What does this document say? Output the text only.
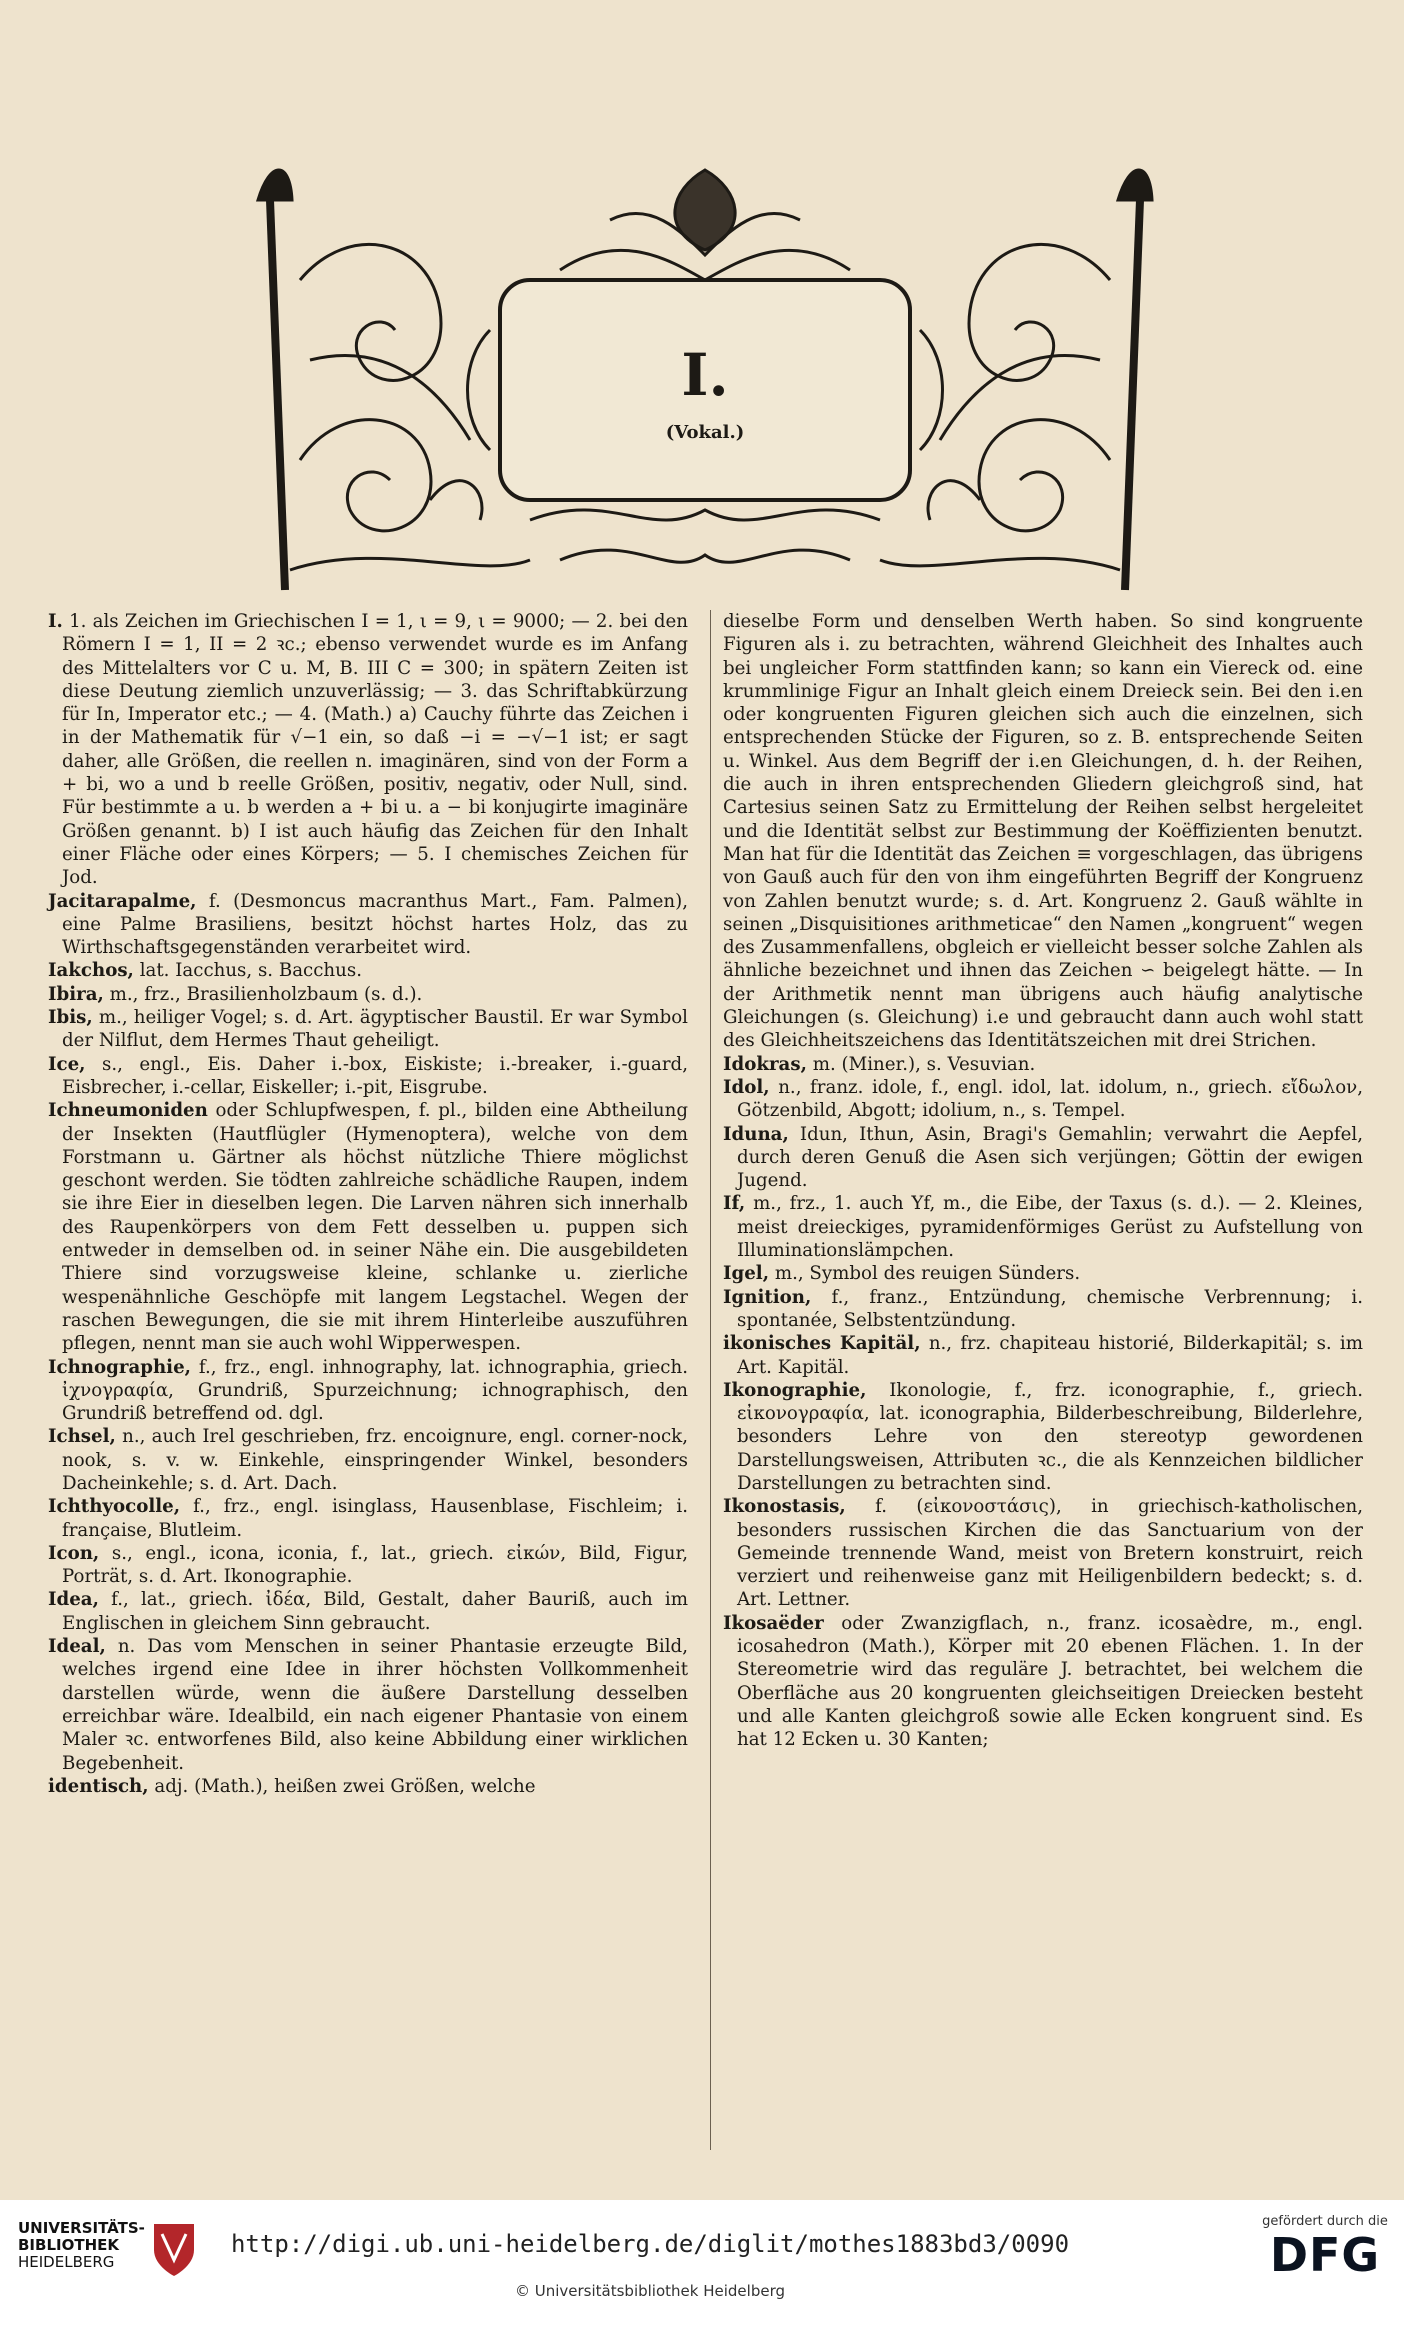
I.
(Vokal.)

I. 1. als Zeichen im Griechischen I = 1, ι = 9, ι = 9000; — 2. bei den Römern I = 1, II = 2 ꝛc.; ebenso verwendet wurde es im Anfang des Mittelalters vor C u. M, B. III C = 300; in spätern Zeiten ist diese Deutung ziemlich unzuverlässig; — 3. das Schriftabkürzung für In, Imperator etc.; — 4. (Math.) a) Cauchy führte das Zeichen i in der Mathematik für √−1 ein, so daß −i = −√−1 ist; er sagt daher, alle Größen, die reellen n. imaginären, sind von der Form a + bi, wo a und b reelle Größen, positiv, negativ, oder Null, sind. Für bestimmte a u. b werden a + bi u. a − bi konjugirte imaginäre Größen genannt. b) I ist auch häufig das Zeichen für den Inhalt einer Fläche oder eines Körpers; — 5. I chemisches Zeichen für Jod.

Jacitarapalme, f. (Desmoncus macranthus Mart., Fam. Palmen), eine Palme Brasiliens, besitzt höchst hartes Holz, das zu Wirthschaftsgegenständen verarbeitet wird.

Iakchos, lat. Iacchus, s. Bacchus.

Ibira, m., frz., Brasilienholzbaum (s. d.).

Ibis, m., heiliger Vogel; s. d. Art. ägyptischer Baustil. Er war Symbol der Nilflut, dem Hermes Thaut geheiligt.

Ice, s., engl., Eis. Daher i.-box, Eiskiste; i.-breaker, i.-guard, Eisbrecher, i.-cellar, Eiskeller; i.-pit, Eisgrube.

Ichneumoniden oder Schlupfwespen, f. pl., bilden eine Abtheilung der Insekten (Hautflügler (Hymenoptera), welche von dem Forstmann u. Gärtner als höchst nützliche Thiere möglichst geschont werden. Sie tödten zahlreiche schädliche Raupen, indem sie ihre Eier in dieselben legen. Die Larven nähren sich innerhalb des Raupenkörpers von dem Fett desselben u. puppen sich entweder in demselben od. in seiner Nähe ein. Die ausgebildeten Thiere sind vorzugsweise kleine, schlanke u. zierliche wespenähnliche Geschöpfe mit langem Legstachel. Wegen der raschen Bewegungen, die sie mit ihrem Hinterleibe auszuführen pflegen, nennt man sie auch wohl Wipperwespen.

Ichnographie, f., frz., engl. inhnography, lat. ichnographia, griech. ἰχνογραφία, Grundriß, Spurzeichnung; ichnographisch, den Grundriß betreffend od. dgl.

Ichsel, n., auch Irel geschrieben, frz. encoignure, engl. corner-nock, nook, s. v. w. Einkehle, einspringender Winkel, besonders Dacheinkehle; s. d. Art. Dach.

Ichthyocolle, f., frz., engl. isinglass, Hausenblase, Fischleim; i. française, Blutleim.

Icon, s., engl., icona, iconia, f., lat., griech. εἰκών, Bild, Figur, Porträt, s. d. Art. Ikonographie.

Idea, f., lat., griech. ἰδέα, Bild, Gestalt, daher Bauriß, auch im Englischen in gleichem Sinn gebraucht.

Ideal, n. Das vom Menschen in seiner Phantasie erzeugte Bild, welches irgend eine Idee in ihrer höchsten Vollkommenheit darstellen würde, wenn die äußere Darstellung desselben erreichbar wäre. Idealbild, ein nach eigener Phantasie von einem Maler ꝛc. entworfenes Bild, also keine Abbildung einer wirklichen Begebenheit.

identisch, adj. (Math.), heißen zwei Größen, welche

dieselbe Form und denselben Werth haben. So sind kongruente Figuren als i. zu betrachten, während Gleichheit des Inhaltes auch bei ungleicher Form stattfinden kann; so kann ein Viereck od. eine krummlinige Figur an Inhalt gleich einem Dreieck sein. Bei den i.en oder kongruenten Figuren gleichen sich auch die einzelnen, sich entsprechenden Stücke der Figuren, so z. B. entsprechende Seiten u. Winkel. Aus dem Begriff der i.en Gleichungen, d. h. der Reihen, die auch in ihren entsprechenden Gliedern gleichgroß sind, hat Cartesius seinen Satz zu Ermittelung der Reihen selbst hergeleitet und die Identität selbst zur Bestimmung der Koëffizienten benutzt. Man hat für die Identität das Zeichen ≡ vorgeschlagen, das übrigens von Gauß auch für den von ihm eingeführten Begriff der Kongruenz von Zahlen benutzt wurde; s. d. Art. Kongruenz 2. Gauß wählte in seinen „Disquisitiones arithmeticae“ den Namen „kongruent“ wegen des Zusammenfallens, obgleich er vielleicht besser solche Zahlen als ähnliche bezeichnet und ihnen das Zeichen ∽ beigelegt hätte. — In der Arithmetik nennt man übrigens auch häufig analytische Gleichungen (s. Gleichung) i.e und gebraucht dann auch wohl statt des Gleichheitszeichens das Identitätszeichen mit drei Strichen.

Idokras, m. (Miner.), s. Vesuvian.

Idol, n., franz. idole, f., engl. idol, lat. idolum, n., griech. εἴδωλον, Götzenbild, Abgott; idolium, n., s. Tempel.

Iduna, Idun, Ithun, Asin, Bragi's Gemahlin; verwahrt die Aepfel, durch deren Genuß die Asen sich verjüngen; Göttin der ewigen Jugend.

If, m., frz., 1. auch Yf, m., die Eibe, der Taxus (s. d.). — 2. Kleines, meist dreieckiges, pyramidenförmiges Gerüst zu Aufstellung von Illuminationslämpchen.

Igel, m., Symbol des reuigen Sünders.

Ignition, f., franz., Entzündung, chemische Verbrennung; i. spontanée, Selbstentzündung.

ikonisches Kapitäl, n., frz. chapiteau historié, Bilderkapitäl; s. im Art. Kapitäl.

Ikonographie, Ikonologie, f., frz. iconographie, f., griech. εἰκονογραφία, lat. iconographia, Bilderbeschreibung, Bilderlehre, besonders Lehre von den stereotyp gewordenen Darstellungsweisen, Attributen ꝛc., die als Kennzeichen bildlicher Darstellungen zu betrachten sind.

Ikonostasis, f. (εἰκονοστάσις), in griechisch-katholischen, besonders russischen Kirchen die das Sanctuarium von der Gemeinde trennende Wand, meist von Bretern konstruirt, reich verziert und reihenweise ganz mit Heiligenbildern bedeckt; s. d. Art. Lettner.

Ikosaëder oder Zwanzigflach, n., franz. icosaèdre, m., engl. icosahedron (Math.), Körper mit 20 ebenen Flächen. 1. In der Stereometrie wird das reguläre J. betrachtet, bei welchem die Oberfläche aus 20 kongruenten gleichseitigen Dreiecken besteht und alle Kanten gleichgroß sowie alle Ecken kongruent sind. Es hat 12 Ecken u. 30 Kanten;

UNIVERSITÄTS-
BIBLIOTHEK
HEIDELBERG
http://digi.ub.uni-heidelberg.de/diglit/mothes1883bd3/0090
© Universitätsbibliothek Heidelberg
gefördert durch die
DFG
